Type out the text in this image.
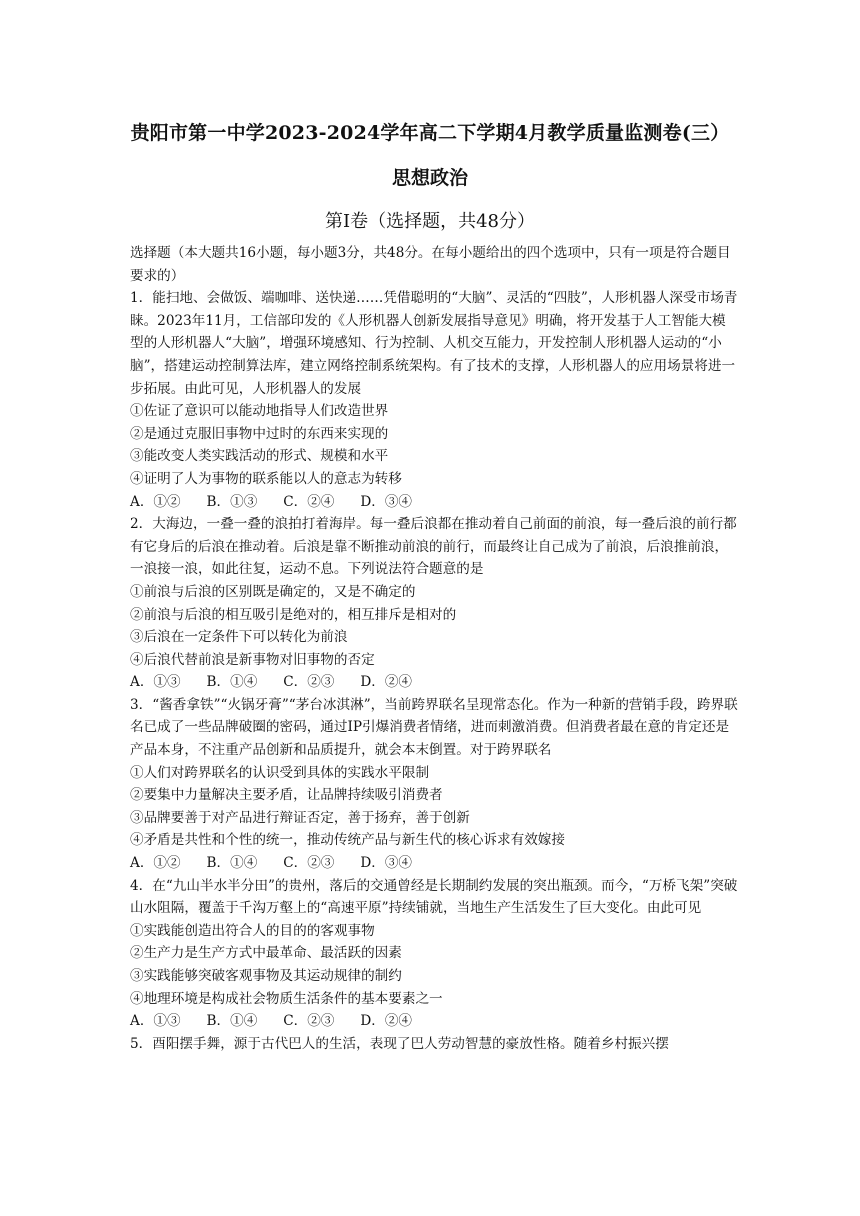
贵阳市第一中学2023-2024学年高二下学期4月教学质量监测卷(三）
思想政治
第Ⅰ卷（选择题，共48分）

选择题（本大题共16小题，每小题3分，共48分。在每小题给出的四个选项中，只有一项是符合题目要求的）

1．能扫地、会做饭、端咖啡、送快递……凭借聪明的“大脑”、灵活的“四肢”，人形机器人深受市场青睐。2023年11月，工信部印发的《人形机器人创新发展指导意见》明确，将开发基于人工智能大模型的人形机器人“大脑”，增强环境感知、行为控制、人机交互能力，开发控制人形机器人运动的“小脑”，搭建运动控制算法库，建立网络控制系统架构。有了技术的支撑，人形机器人的应用场景将进一步拓展。由此可见，人形机器人的发展

①佐证了意识可以能动地指导人们改造世界

②是通过克服旧事物中过时的东西来实现的

③能改变人类实践活动的形式、规模和水平

④证明了人为事物的联系能以人的意志为转移

A．①②      B．①③      C．②④      D．③④

2．大海边，一叠一叠的浪拍打着海岸。每一叠后浪都在推动着自己前面的前浪，每一叠后浪的前行都有它身后的后浪在推动着。后浪是靠不断推动前浪的前行，而最终让自己成为了前浪，后浪推前浪，一浪接一浪，如此往复，运动不息。下列说法符合题意的是

①前浪与后浪的区别既是确定的，又是不确定的

②前浪与后浪的相互吸引是绝对的，相互排斥是相对的

③后浪在一定条件下可以转化为前浪

④后浪代替前浪是新事物对旧事物的否定

A．①③      B．①④      C．②③      D．②④

3．“酱香拿铁”“火锅牙膏”“茅台冰淇淋”，当前跨界联名呈现常态化。作为一种新的营销手段，跨界联名已成了一些品牌破圈的密码，通过IP引爆消费者情绪，进而刺激消费。但消费者最在意的肯定还是产品本身，不注重产品创新和品质提升，就会本末倒置。对于跨界联名

①人们对跨界联名的认识受到具体的实践水平限制

②要集中力量解决主要矛盾，让品牌持续吸引消费者

③品牌要善于对产品进行辩证否定，善于扬弃，善于创新

④矛盾是共性和个性的统一，推动传统产品与新生代的核心诉求有效嫁接

A．①②      B．①④      C．②③      D．③④

4．在“九山半水半分田”的贵州，落后的交通曾经是长期制约发展的突出瓶颈。而今，“万桥飞架”突破山水阻隔，覆盖于千沟万壑上的“高速平原”持续铺就，当地生产生活发生了巨大变化。由此可见

①实践能创造出符合人的目的的客观事物

②生产力是生产方式中最革命、最活跃的因素

③实践能够突破客观事物及其运动规律的制约

④地理环境是构成社会物质生活条件的基本要素之一

A．①③      B．①④      C．②③      D．②④

5．酉阳摆手舞，源于古代巴人的生活，表现了巴人劳动智慧的豪放性格。随着乡村振兴摆
